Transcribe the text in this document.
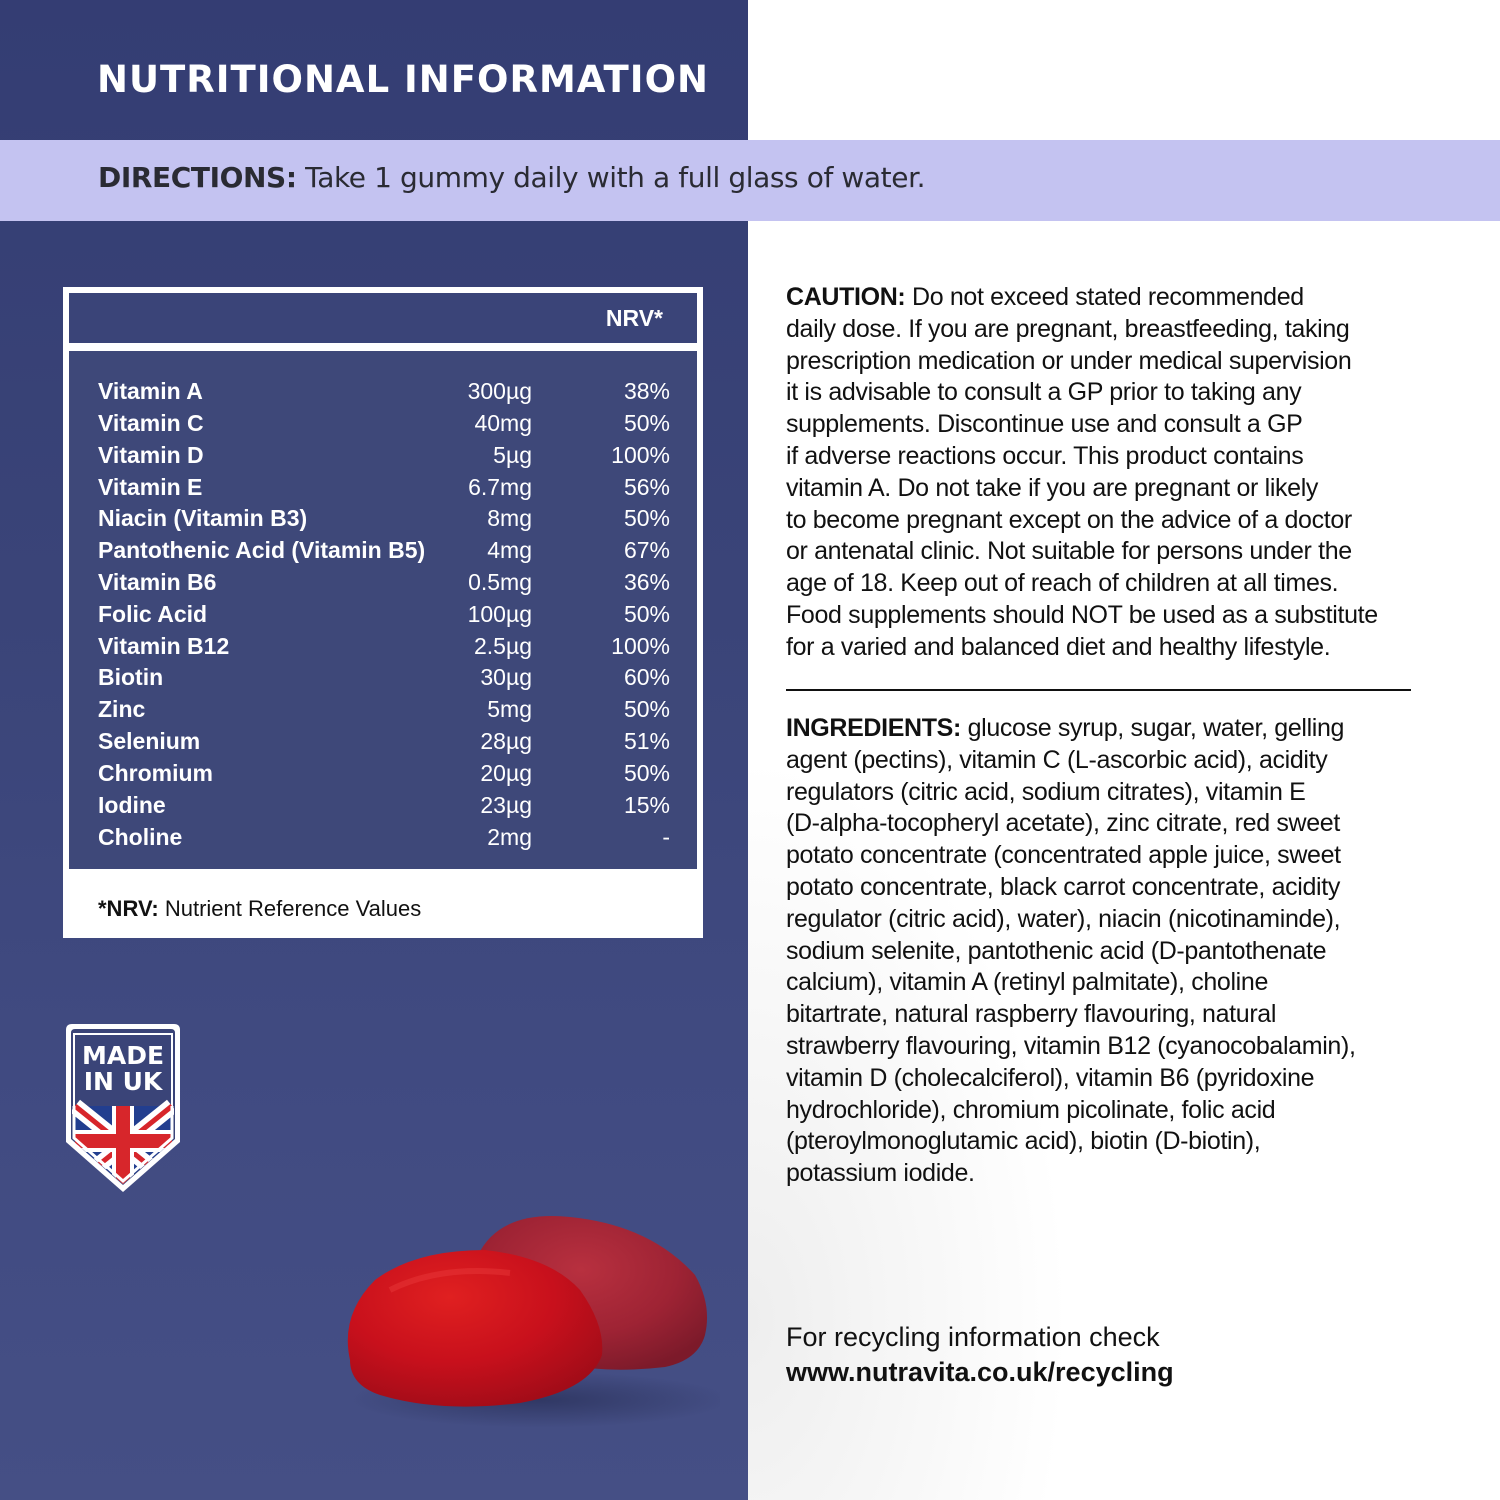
NUTRITIONAL INFORMATION
DIRECTIONS: Take 1 gummy daily with a full glass of water.
NRV*
Vitamin A	300µg	38%
Vitamin C	40mg	50%
Vitamin D	5µg	100%
Vitamin E	6.7mg	56%
Niacin (Vitamin B3)	8mg	50%
Pantothenic Acid (Vitamin B5)	4mg	67%
Vitamin B6	0.5mg	36%
Folic Acid	100µg	50%
Vitamin B12	2.5µg	100%
Biotin	30µg	60%
Zinc	5mg	50%
Selenium	28µg	51%
Chromium	20µg	50%
Iodine	23µg	15%
Choline	2mg	-
*NRV: Nutrient Reference Values
MADE
IN UK
CAUTION: Do not exceed stated recommended
daily dose. If you are pregnant, breastfeeding, taking
prescription medication or under medical supervision
it is advisable to consult a GP prior to taking any
supplements. Discontinue use and consult a GP
if adverse reactions occur. This product contains
vitamin A. Do not take if you are pregnant or likely
to become pregnant except on the advice of a doctor
or antenatal clinic. Not suitable for persons under the
age of 18. Keep out of reach of children at all times.
Food supplements should NOT be used as a substitute
for a varied and balanced diet and healthy lifestyle.
INGREDIENTS: glucose syrup, sugar, water, gelling
agent (pectins), vitamin C (L-ascorbic acid), acidity
regulators (citric acid, sodium citrates), vitamin E
(D-alpha-tocopheryl acetate), zinc citrate, red sweet
potato concentrate (concentrated apple juice, sweet
potato concentrate, black carrot concentrate, acidity
regulator (citric acid), water), niacin (nicotinaminde),
sodium selenite, pantothenic acid (D-pantothenate
calcium), vitamin A (retinyl palmitate), choline
bitartrate, natural raspberry flavouring, natural
strawberry flavouring, vitamin B12 (cyanocobalamin),
vitamin D (cholecalciferol), vitamin B6 (pyridoxine
hydrochloride), chromium picolinate, folic acid
(pteroylmonoglutamic acid), biotin (D-biotin),
potassium iodide.
For recycling information check
www.nutravita.co.uk/recycling
